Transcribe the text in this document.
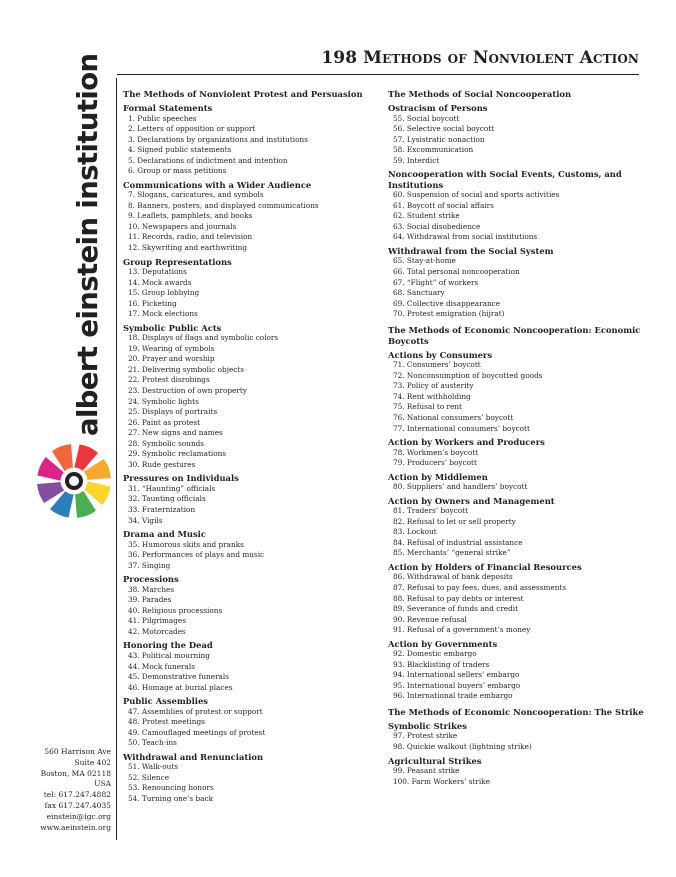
198 Methods of Nonviolent Action
albert einstein institution
560 Harrison Ave
Suite 402
Boston, MA 02118
USA
tel: 617.247.4882
fax 617.247.4035
einstein@igc.org
www.aeinstein.org
The Methods of Nonviolent Protest and Persuasion
Formal Statements
1. Public speeches
2. Letters of opposition or support
3. Declarations by organizations and institutions
4. Signed public statements
5. Declarations of indictment and intention
6. Group or mass petitions
Communications with a Wider Audience
7. Slogans, caricatures, and symbols
8. Banners, posters, and displayed communications
9. Leaflets, pamphlets, and books
10. Newspapers and journals
11. Records, radio, and television
12. Skywriting and earthwriting
Group Representations
13. Deputations
14. Mock awards
15. Group lobbying
16. Picketing
17. Mock elections
Symbolic Public Acts
18. Displays of flags and symbolic colors
19. Wearing of symbols
20. Prayer and worship
21. Delivering symbolic objects
22. Protest disrobings
23. Destruction of own property
24. Symbolic lights
25. Displays of portraits
26. Paint as protest
27. New signs and names
28. Symbolic sounds
29. Symbolic reclamations
30. Rude gestures
Pressures on Individuals
31. “Haunting” officials
32. Taunting officials
33. Fraternization
34. Vigils
Drama and Music
35. Humorous skits and pranks
36. Performances of plays and music
37. Singing
Processions
38. Marches
39. Parades
40. Religious processions
41. Pilgrimages
42. Motorcades
Honoring the Dead
43. Political mourning
44. Mock funerals
45. Demonstrative funerals
46. Homage at burial places
Public Assemblies
47. Assemblies of protest or support
48. Protest meetings
49. Camouflaged meetings of protest
50. Teach-ins
Withdrawal and Renunciation
51. Walk-outs
52. Silence
53. Renouncing honors
54. Turning one’s back
The Methods of Social Noncooperation
Ostracism of Persons
55. Social boycott
56. Selective social boycott
57. Lysistratic nonaction
58. Excommunication
59. Interdict
Noncooperation with Social Events, Customs, and Institutions
60. Suspension of social and sports activities
61. Boycott of social affairs
62. Student strike
63. Social disobedience
64. Withdrawal from social institutions
Withdrawal from the Social System
65. Stay-at-home
66. Total personal noncooperation
67. “Flight” of workers
68. Sanctuary
69. Collective disappearance
70. Protest emigration (hijrat)
The Methods of Economic Noncooperation: Economic Boycotts
Actions by Consumers
71. Consumers’ boycott
72. Nonconsumption of boycotted goods
73. Policy of austerity
74. Rent withholding
75. Refusal to rent
76. National consumers’ boycott
77. International consumers’ boycott
Action by Workers and Producers
78. Workmen’s boycott
79. Producers’ boycott
Action by Middlemen
80. Suppliers’ and handlers’ boycott
Action by Owners and Management
81. Traders’ boycott
82. Refusal to let or sell property
83. Lockout
84. Refusal of industrial assistance
85. Merchants’ “general strike”
Action by Holders of Financial Resources
86. Withdrawal of bank deposits
87. Refusal to pay fees, dues, and assessments
88. Refusal to pay debts or interest
89. Severance of funds and credit
90. Revenue refusal
91. Refusal of a government’s money
Action by Governments
92. Domestic embargo
93. Blacklisting of traders
94. International sellers’ embargo
95. International buyers’ embargo
96. International trade embargo
The Methods of Economic Noncooperation: The Strike
Symbolic Strikes
97. Protest strike
98. Quickie walkout (lightning strike)
Agricultural Strikes
99. Peasant strike
100. Farm Workers’ strike
